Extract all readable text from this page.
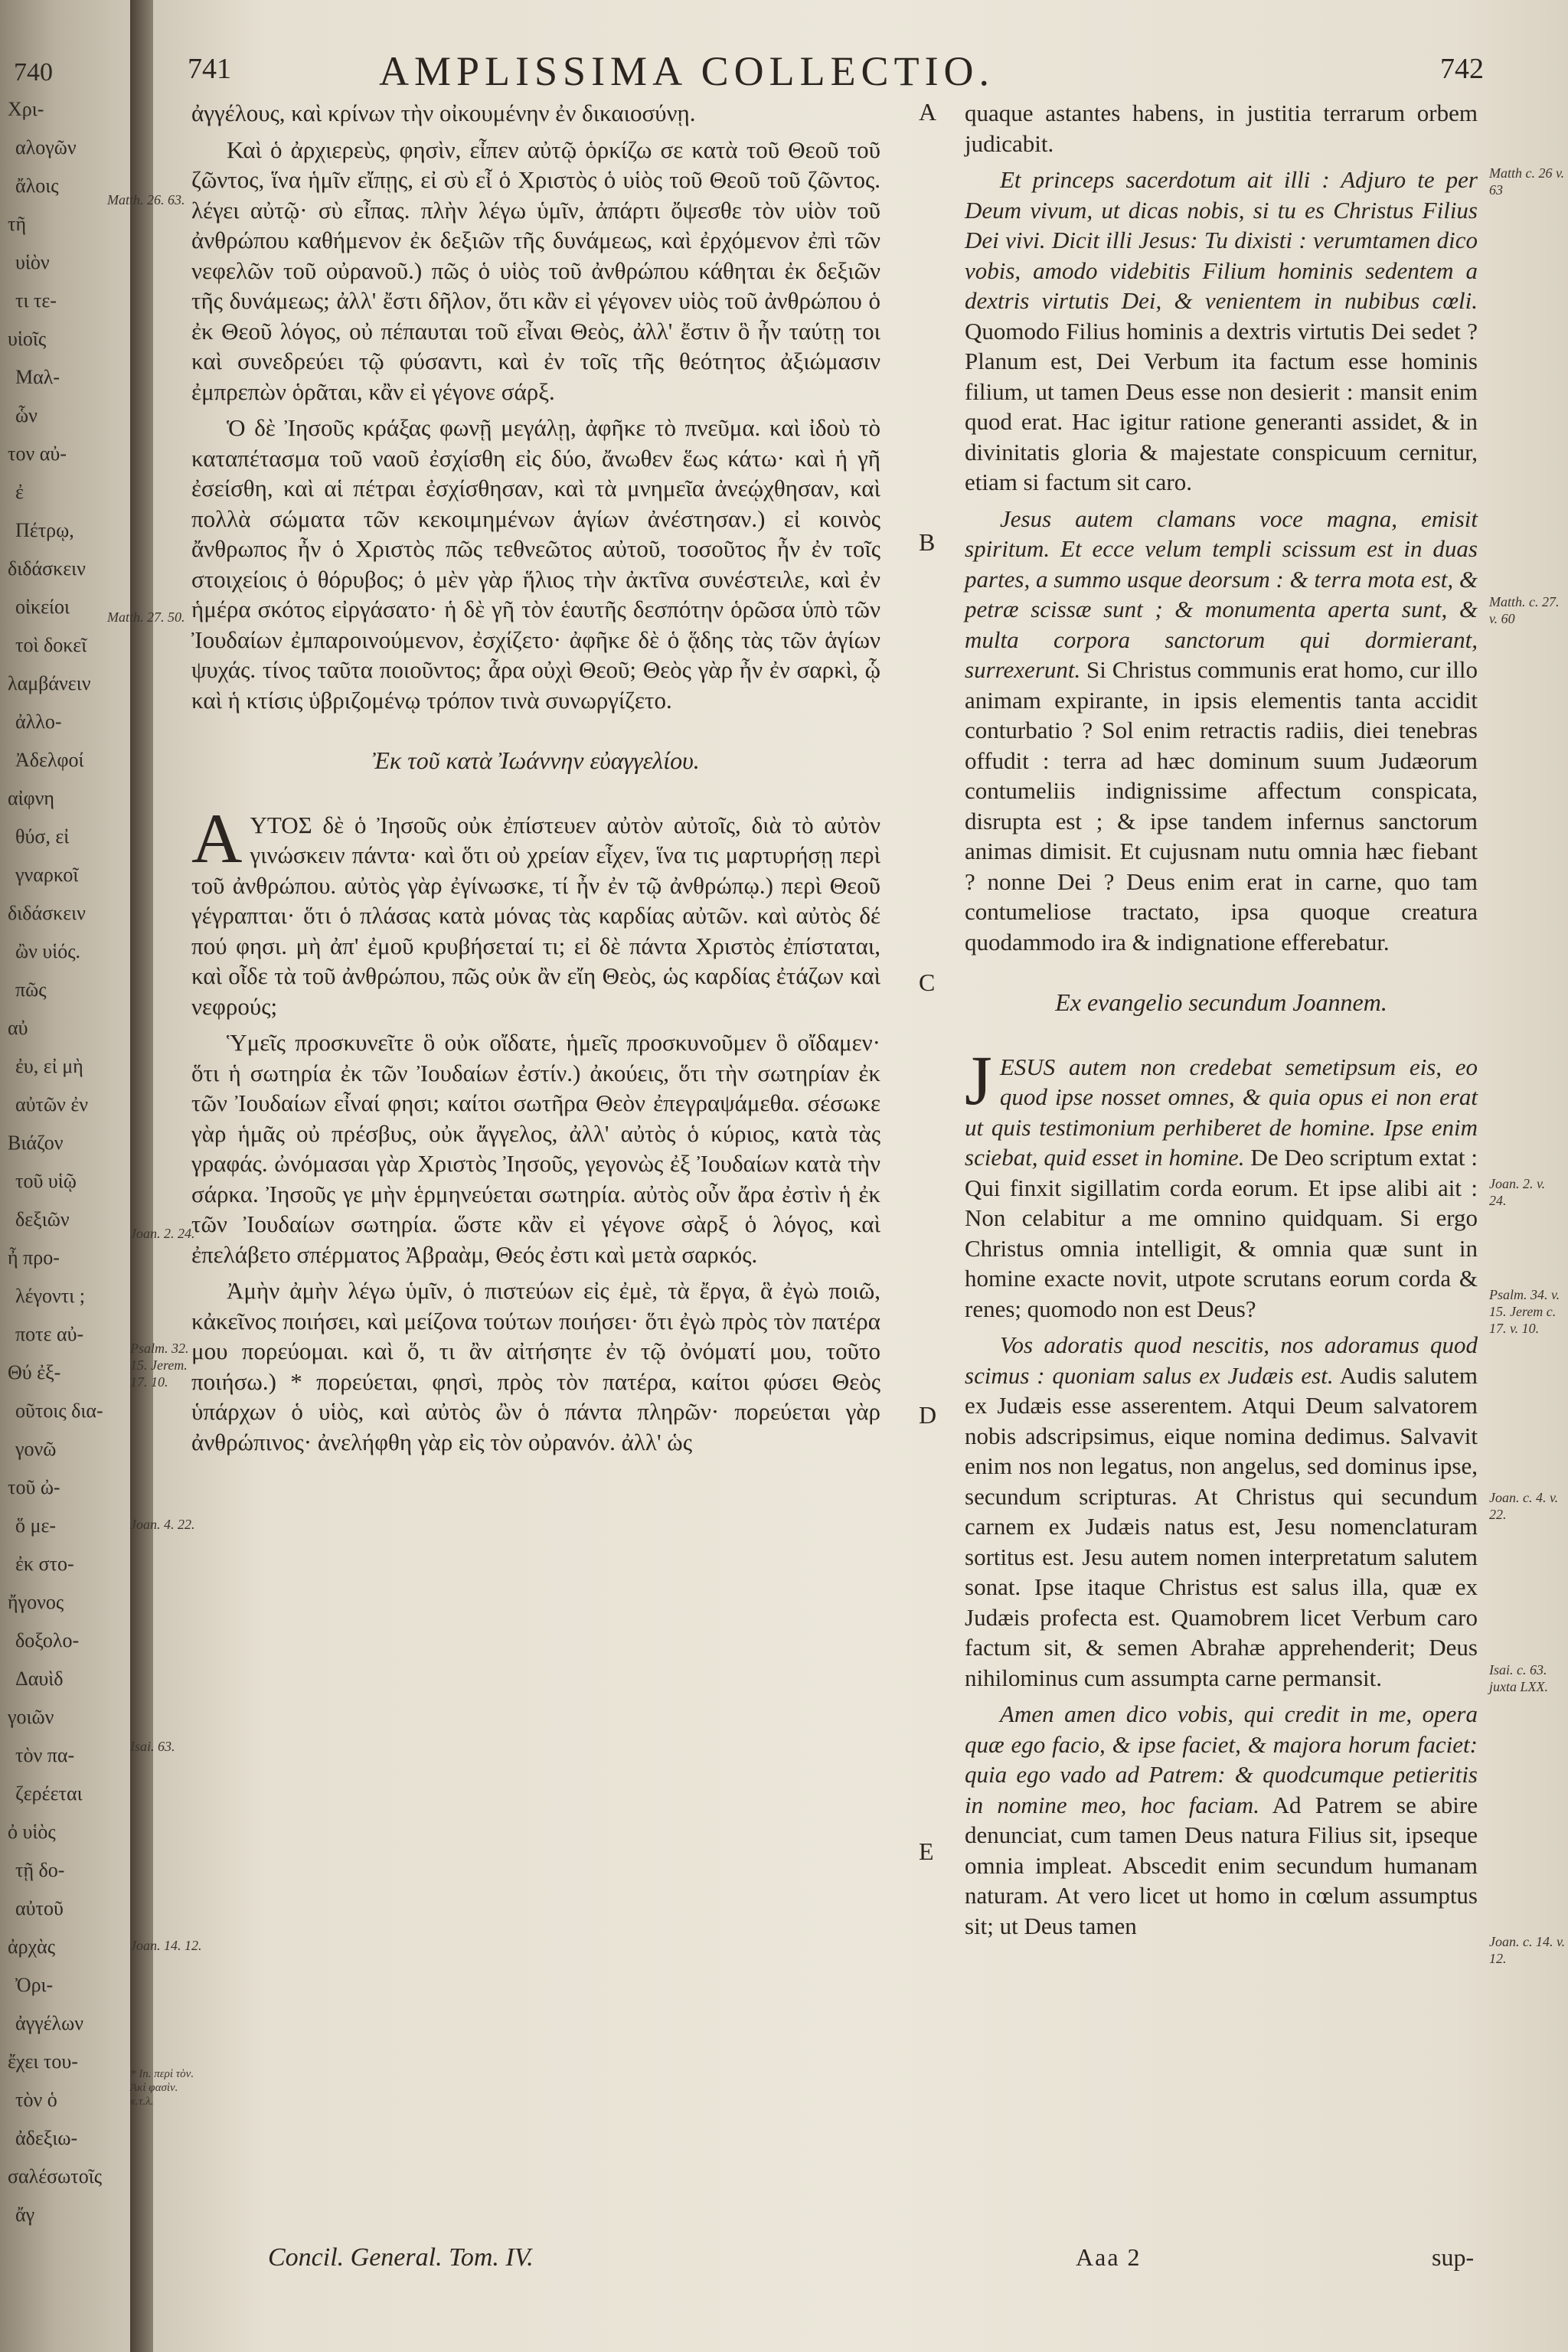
740
Χρι-
αλογῶν
ἄλοις
τῆ
υἱὸν
τι τε-
υἱοῖς
Μαλ-
ὧν
τον αὐ-
ἐ
Πέτρῳ,
διδάσκειν
οἰκείοι
τοὶ δοκεῖ
λαμβάνειν
ἀλλο-
Ἀδελφοί
αἰφνη
θύσ, εἰ
γναρκοῖ
διδάσκειν
ὢν υἱός.
πῶς
αὐ
ἐυ, εἰ μὴ
αὐτῶν ἐν
Βιάζον
τοῦ υἱῷ
δεξιῶν
ἦ προ-
λέγοντι ;
ποτε αὐ-
Θύ ἐξ-
οῦτοις δια-
γονῶ
τοῦ ὠ-
ὅ με-
ἐκ στο-
ἤγονος
δοξολο-
Δαυὶδ
γοιῶν
τὸν πα-
ζερέεται
ὀ υἱὸς
τῇ δο-
αὐτοῦ
ἀρχὰς
Ὀρι-
ἀγγέλων
ἔχει του-
τὸν ὁ
ἀδεξιω-
σαλέσωτοῖς
ἄγ
741	AMPLISSIMA COLLECTIO.	742
Matth. 26. 63.
Matth. 27. 50.
Joan. 2. 24.
Psalm. 32. 15. Jerem. 17. 10.
Joan. 4. 22.
Isai. 63.
Joan. 14. 12.
* In. περὶ τὸν. Ἀκὶ φασὶν. κ.τ.λ.
Matth c. 26 v. 63
Matth. c. 27. v. 60
Joan. 2. v. 24.
Psalm. 34. v. 15. Jerem c. 17. v. 10.
Joan. c. 4. v. 22.
Isai. c. 63. juxta LXX.
Joan. c. 14. v. 12.
A
B
C
D
E

ἀγγέλους, καὶ κρίνων τὴν οἰκουμένην ἐν δικαιοσύνῃ.

Καὶ ὁ ἀρχιερεὺς, φησὶν, εἶπεν αὐτῷ ὁρκίζω σε κατὰ τοῦ Θεοῦ τοῦ ζῶντος, ἵνα ἡμῖν εἴπῃς, εἰ σὺ εἶ ὁ Χριστὸς ὁ υἱὸς τοῦ Θεοῦ τοῦ ζῶντος. λέγει αὐτῷ· σὺ εἶπας. πλὴν λέγω ὑμῖν, ἀπάρτι ὄψεσθε τὸν υἱὸν τοῦ ἀνθρώπου καθήμενον ἐκ δεξιῶν τῆς δυνάμεως, καὶ ἐρχόμενον ἐπὶ τῶν νεφελῶν τοῦ οὐρανοῦ.) πῶς ὁ υἱὸς τοῦ ἀνθρώπου κάθηται ἐκ δεξιῶν τῆς δυνάμεως; ἀλλ' ἔστι δῆλον, ὅτι κἂν εἰ γέγονεν υἱὸς τοῦ ἀνθρώπου ὁ ἐκ Θεοῦ λόγος, οὐ πέπαυται τοῦ εἶναι Θεὸς, ἀλλ' ἔστιν ὃ ἦν ταύτῃ τοι καὶ συνεδρεύει τῷ φύσαντι, καὶ ἐν τοῖς τῆς θεότητος ἀξιώμασιν ἐμπρεπὼν ὁρᾶται, κἂν εἰ γέγονε σάρξ.

Ὁ δὲ Ἰησοῦς κράξας φωνῇ μεγάλῃ, ἀφῆκε τὸ πνεῦμα. καὶ ἰδοὺ τὸ καταπέτασμα τοῦ ναοῦ ἐσχίσθη εἰς δύο, ἄνωθεν ἕως κάτω· καὶ ἡ γῆ ἐσείσθη, καὶ αἱ πέτραι ἐσχίσθησαν, καὶ τὰ μνημεῖα ἀνεῴχθησαν, καὶ πολλὰ σώματα τῶν κεκοιμημένων ἁγίων ἀνέστησαν.) εἰ κοινὸς ἄνθρωπος ἦν ὁ Χριστὸς πῶς τεθνεῶτος αὐτοῦ, τοσοῦτος ἦν ἐν τοῖς στοιχείοις ὁ θόρυβος; ὁ μὲν γὰρ ἥλιος τὴν ἀκτῖνα συνέστειλε, καὶ ἐν ἡμέρα σκότος εἰργάσατο· ἡ δὲ γῆ τὸν ἑαυτῆς δεσπότην ὁρῶσα ὑπὸ τῶν Ἰουδαίων ἐμπαροινούμενον, ἐσχίζετο· ἀφῆκε δὲ ὁ ᾅδης τὰς τῶν ἁγίων ψυχάς. τίνος ταῦτα ποιοῦντος; ἆρα οὐχὶ Θεοῦ; Θεὸς γὰρ ἦν ἐν σαρκὶ, ᾧ καὶ ἡ κτίσις ὑβριζομένῳ τρόπον τινὰ συνωργίζετο.

Ἐκ τοῦ κατὰ Ἰωάννην εὐαγγελίου.

ΑΥΤΟΣ δὲ ὁ Ἰησοῦς οὐκ ἐπίστευεν αὐτὸν αὐτοῖς, διὰ τὸ αὐτὸν γινώσκειν πάντα· καὶ ὅτι οὐ χρείαν εἶχεν, ἵνα τις μαρτυρήσῃ περὶ τοῦ ἀνθρώπου. αὐτὸς γὰρ ἐγίνωσκε, τί ἦν ἐν τῷ ἀνθρώπῳ.) περὶ Θεοῦ γέγραπται· ὅτι ὁ πλάσας κατὰ μόνας τὰς καρδίας αὐτῶν. καὶ αὐτὸς δέ πού φησι. μὴ ἀπ' ἐμοῦ κρυβήσεταί τι; εἰ δὲ πάντα Χριστὸς ἐπίσταται, καὶ οἶδε τὰ τοῦ ἀνθρώπου, πῶς οὐκ ἂν εἴη Θεὸς, ὡς καρδίας ἐτάζων καὶ νεφρούς;

Ὑμεῖς προσκυνεῖτε ὃ οὐκ οἴδατε, ἡμεῖς προσκυνοῦμεν ὃ οἴδαμεν· ὅτι ἡ σωτηρία ἐκ τῶν Ἰουδαίων ἐστίν.) ἀκούεις, ὅτι τὴν σωτηρίαν ἐκ τῶν Ἰουδαίων εἶναί φησι; καίτοι σωτῆρα Θεὸν ἐπεγραψάμεθα. σέσωκε γὰρ ἡμᾶς οὐ πρέσβυς, οὐκ ἄγγελος, ἀλλ' αὐτὸς ὁ κύριος, κατὰ τὰς γραφάς. ὠνόμασαι γὰρ Χριστὸς Ἰησοῦς, γεγονὼς ἐξ Ἰουδαίων κατὰ τὴν σάρκα. Ἰησοῦς γε μὴν ἑρμηνεύεται σωτηρία. αὐτὸς οὖν ἄρα ἐστὶν ἡ ἐκ τῶν Ἰουδαίων σωτηρία. ὥστε κἂν εἰ γέγονε σὰρξ ὁ λόγος, καὶ ἐπελάβετο σπέρματος Ἀβραὰμ, Θεός ἐστι καὶ μετὰ σαρκός.

Ἀμὴν ἀμὴν λέγω ὑμῖν, ὁ πιστεύων εἰς ἐμὲ, τὰ ἔργα, ἃ ἐγὼ ποιῶ, κἀκεῖνος ποιήσει, καὶ μείζονα τούτων ποιήσει· ὅτι ἐγὼ πρὸς τὸν πατέρα μου πορεύομαι. καὶ ὅ, τι ἂν αἰτήσητε ἐν τῷ ὀνόματί μου, τοῦτο ποιήσω.) * πορεύεται, φησὶ, πρὸς τὸν πατέρα, καίτοι φύσει Θεὸς ὑπάρχων ὁ υἱὸς, καὶ αὐτὸς ὢν ὁ πάντα πληρῶν· πορεύεται γὰρ ἀνθρώπινος· ἀνελήφθη γὰρ εἰς τὸν οὐρανόν. ἀλλ' ὡς

quaque astantes habens, in justitia terrarum orbem judicabit.

Et princeps sacerdotum ait illi : Adjuro te per Deum vivum, ut dicas nobis, si tu es Christus Filius Dei vivi. Dicit illi Jesus: Tu dixisti : verumtamen dico vobis, amodo videbitis Filium hominis sedentem a dextris virtutis Dei, & venientem in nubibus cœli. Quomodo Filius hominis a dextris virtutis Dei sedet ? Planum est, Dei Verbum ita factum esse hominis filium, ut tamen Deus esse non desierit : mansit enim quod erat. Hac igitur ratione generanti assidet, & in divinitatis gloria & majestate conspicuum cernitur, etiam si factum sit caro.

Jesus autem clamans voce magna, emisit spiritum. Et ecce velum templi scissum est in duas partes, a summo usque deorsum : & terra mota est, & petræ scissæ sunt ; & monumenta aperta sunt, & multa corpora sanctorum qui dormierant, surrexerunt. Si Christus communis erat homo, cur illo animam expirante, in ipsis elementis tanta accidit conturbatio ? Sol enim retractis radiis, diei tenebras offudit : terra ad hæc dominum suum Judæorum contumeliis indignissime affectum conspicata, disrupta est ; & ipse tandem infernus sanctorum animas dimisit. Et cujusnam nutu omnia hæc fiebant ? nonne Dei ? Deus enim erat in carne, quo tam contumeliose tractato, ipsa quoque creatura quodammodo ira & indignatione efferebatur.

Ex evangelio secundum Joannem.

JESUS autem non credebat semetipsum eis, eo quod ipse nosset omnes, & quia opus ei non erat ut quis testimonium perhiberet de homine. Ipse enim sciebat, quid esset in homine. De Deo scriptum extat : Qui finxit sigillatim corda eorum. Et ipse alibi ait : Non celabitur a me omnino quidquam. Si ergo Christus omnia intelligit, & omnia quæ sunt in homine exacte novit, utpote scrutans eorum corda & renes; quomodo non est Deus?

Vos adoratis quod nescitis, nos adoramus quod scimus : quoniam salus ex Judæis est. Audis salutem ex Judæis esse asserentem. Atqui Deum salvatorem nobis adscripsimus, eique nomina dedimus. Salvavit enim nos non legatus, non angelus, sed dominus ipse, secundum scripturas. At Christus qui secundum carnem ex Judæis natus est, Jesu nomenclaturam sortitus est. Jesu autem nomen interpretatum salutem sonat. Ipse itaque Christus est salus illa, quæ ex Judæis profecta est. Quamobrem licet Verbum caro factum sit, & semen Abrahæ apprehenderit; Deus nihilominus cum assumpta carne permansit.

Amen amen dico vobis, qui credit in me, opera quæ ego facio, & ipse faciet, & majora horum faciet: quia ego vado ad Patrem: & quodcumque petieritis in nomine meo, hoc faciam. Ad Patrem se abire denunciat, cum tamen Deus natura Filius sit, ipseque omnia impleat. Abscedit enim secundum humanam naturam. At vero licet ut homo in cœlum assumptus sit; ut Deus tamen

Concil. General. Tom. IV.	Aaa 2	sup-
